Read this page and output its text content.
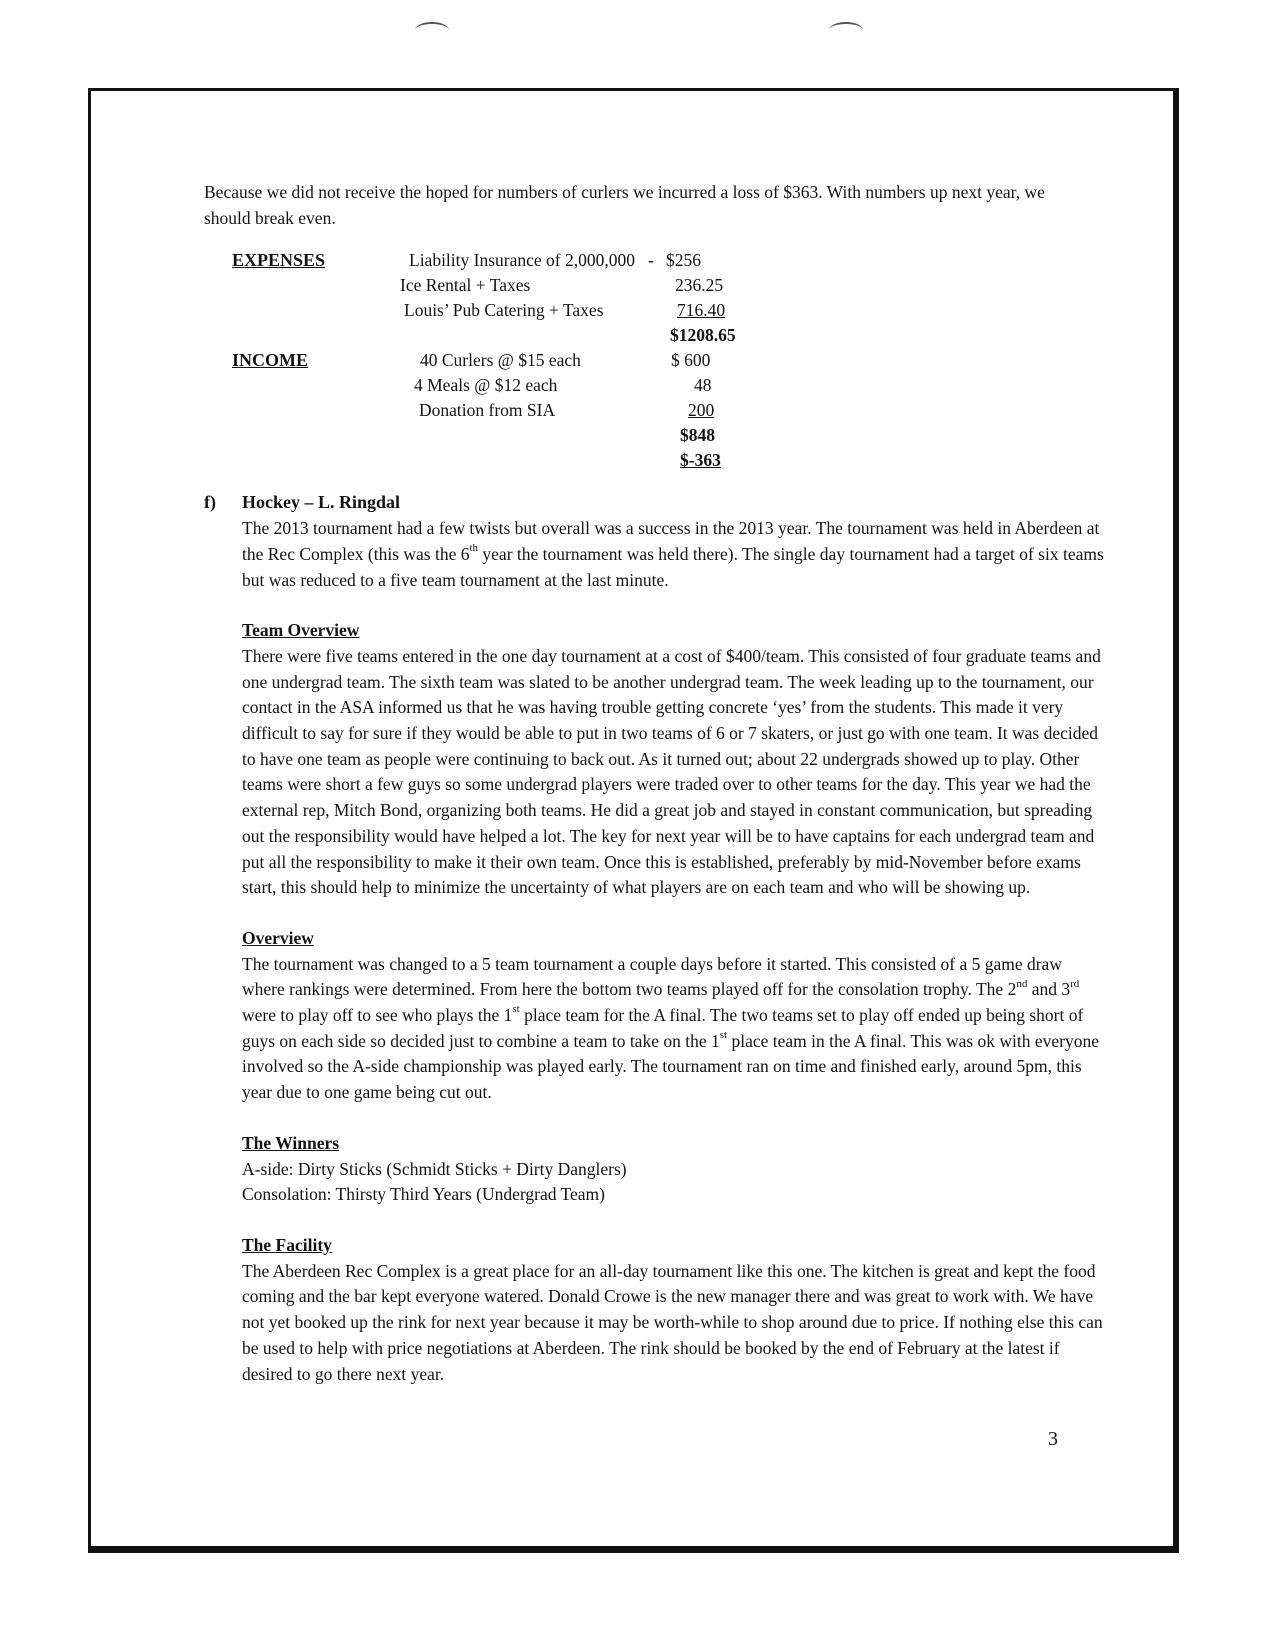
Because we did not receive the hoped for numbers of curlers we incurred a loss of $363. With numbers up next year, we should break even.

EXPENSES	Liability Insurance of 2,000,000 - $256
Ice Rental + Taxes	236.25
Louis’ Pub Catering + Taxes	716.40
$1208.65
INCOME	40 Curlers @ $15 each	$ 600
4 Meals @ $12 each	48
Donation from SIA	200
$848
$-363
f) Hockey – L. Ringdal

The 2013 tournament had a few twists but overall was a success in the 2013 year. The tournament was held in Aberdeen at the Rec Complex (this was the 6th year the tournament was held there). The single day tournament had a target of six teams but was reduced to a five team tournament at the last minute.

Team Overview

There were five teams entered in the one day tournament at a cost of $400/team. This consisted of four graduate teams and one undergrad team. The sixth team was slated to be another undergrad team. The week leading up to the tournament, our contact in the ASA informed us that he was having trouble getting concrete ‘yes’ from the students. This made it very difficult to say for sure if they would be able to put in two teams of 6 or 7 skaters, or just go with one team. It was decided to have one team as people were continuing to back out. As it turned out; about 22 undergrads showed up to play. Other teams were short a few guys so some undergrad players were traded over to other teams for the day. This year we had the external rep, Mitch Bond, organizing both teams. He did a great job and stayed in constant communication, but spreading out the responsibility would have helped a lot. The key for next year will be to have captains for each undergrad team and put all the responsibility to make it their own team. Once this is established, preferably by mid-November before exams start, this should help to minimize the uncertainty of what players are on each team and who will be showing up.

Overview

The tournament was changed to a 5 team tournament a couple days before it started. This consisted of a 5 game draw where rankings were determined. From here the bottom two teams played off for the consolation trophy. The 2nd and 3rd were to play off to see who plays the 1st place team for the A final. The two teams set to play off ended up being short of guys on each side so decided just to combine a team to take on the 1st place team in the A final. This was ok with everyone involved so the A-side championship was played early. The tournament ran on time and finished early, around 5pm, this year due to one game being cut out.

The Winners

A-side: Dirty Sticks (Schmidt Sticks + Dirty Danglers)

Consolation: Thirsty Third Years (Undergrad Team)

The Facility

The Aberdeen Rec Complex is a great place for an all-day tournament like this one. The kitchen is great and kept the food coming and the bar kept everyone watered. Donald Crowe is the new manager there and was great to work with. We have not yet booked up the rink for next year because it may be worth-while to shop around due to price. If nothing else this can be used to help with price negotiations at Aberdeen. The rink should be booked by the end of February at the latest if desired to go there next year.

3
